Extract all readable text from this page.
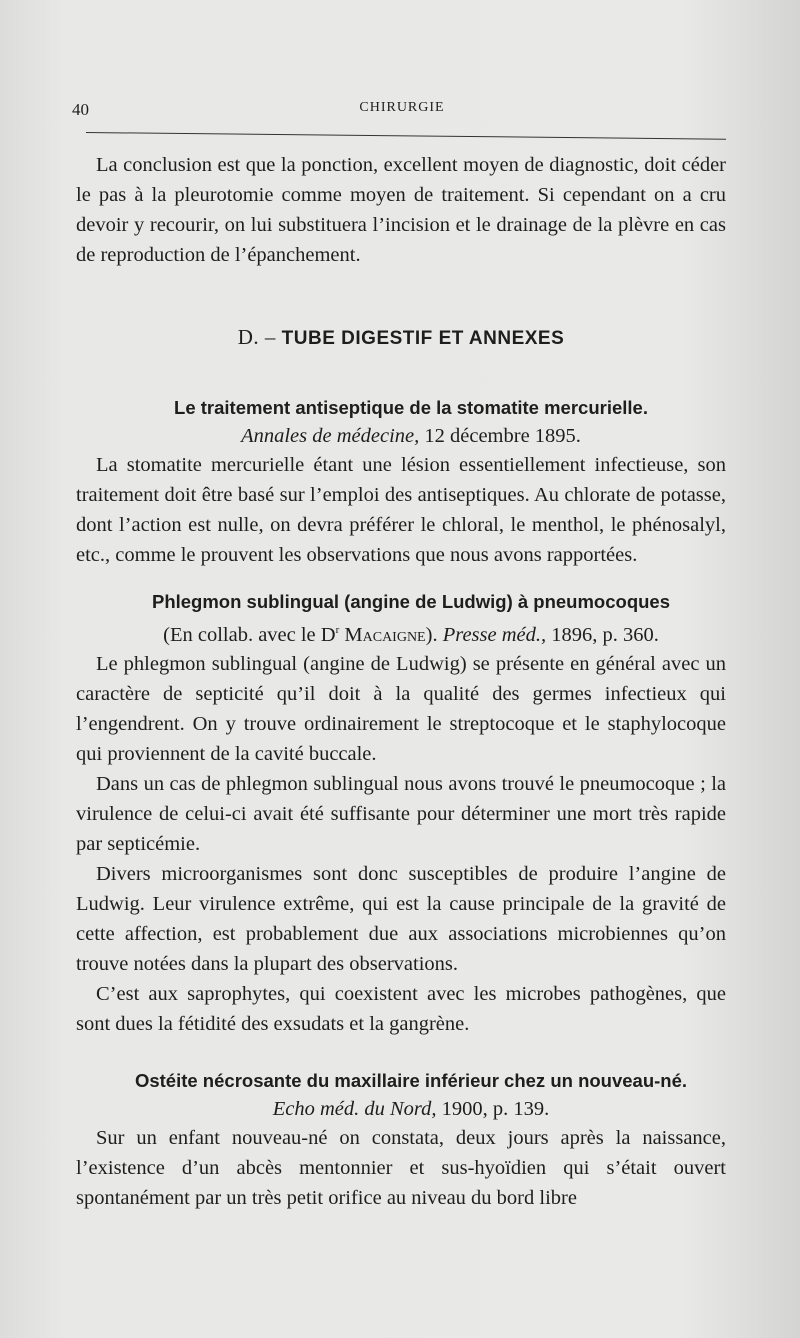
40	CHIRURGIE

La conclusion est que la ponction, excellent moyen de diagnostic, doit céder le pas à la pleurotomie comme moyen de traitement. Si cependant on a cru devoir y recourir, on lui substituera l’incision et le drainage de la plèvre en cas de reproduction de l’épanchement.

D. – TUBE DIGESTIF ET ANNEXES

Le traitement antiseptique de la stomatite mercurielle.

Annales de médecine, 12 décembre 1895.

La stomatite mercurielle étant une lésion essentiellement infectieuse, son traitement doit être basé sur l’emploi des antiseptiques. Au chlorate de potasse, dont l’action est nulle, on devra préférer le chloral, le menthol, le phénosalyl, etc., comme le prouvent les observations que nous avons rapportées.

Phlegmon sublingual (angine de Ludwig) à pneumocoques

(En collab. avec le $D^r$ Macaigne). Presse méd., 1896, p. 360.

Le phlegmon sublingual (angine de Ludwig) se présente en général avec un caractère de septicité qu’il doit à la qualité des germes infectieux qui l’engendrent. On y trouve ordinairement le streptocoque et le staphylocoque qui proviennent de la cavité buccale.

Dans un cas de phlegmon sublingual nous avons trouvé le pneumocoque ; la virulence de celui-ci avait été suffisante pour déterminer une mort très rapide par septicémie.

Divers microorganismes sont donc susceptibles de produire l’angine de Ludwig. Leur virulence extrême, qui est la cause principale de la gravité de cette affection, est probablement due aux associations microbiennes qu’on trouve notées dans la plupart des observations.

C’est aux saprophytes, qui coexistent avec les microbes pathogènes, que sont dues la fétidité des exsudats et la gangrène.

Ostéite nécrosante du maxillaire inférieur chez un nouveau-né.

Echo méd. du Nord, 1900, p. 139.

Sur un enfant nouveau-né on constata, deux jours après la naissance, l’existence d’un abcès mentonnier et sus-hyoïdien qui s’était ouvert spontanément par un très petit orifice au niveau du bord libre
